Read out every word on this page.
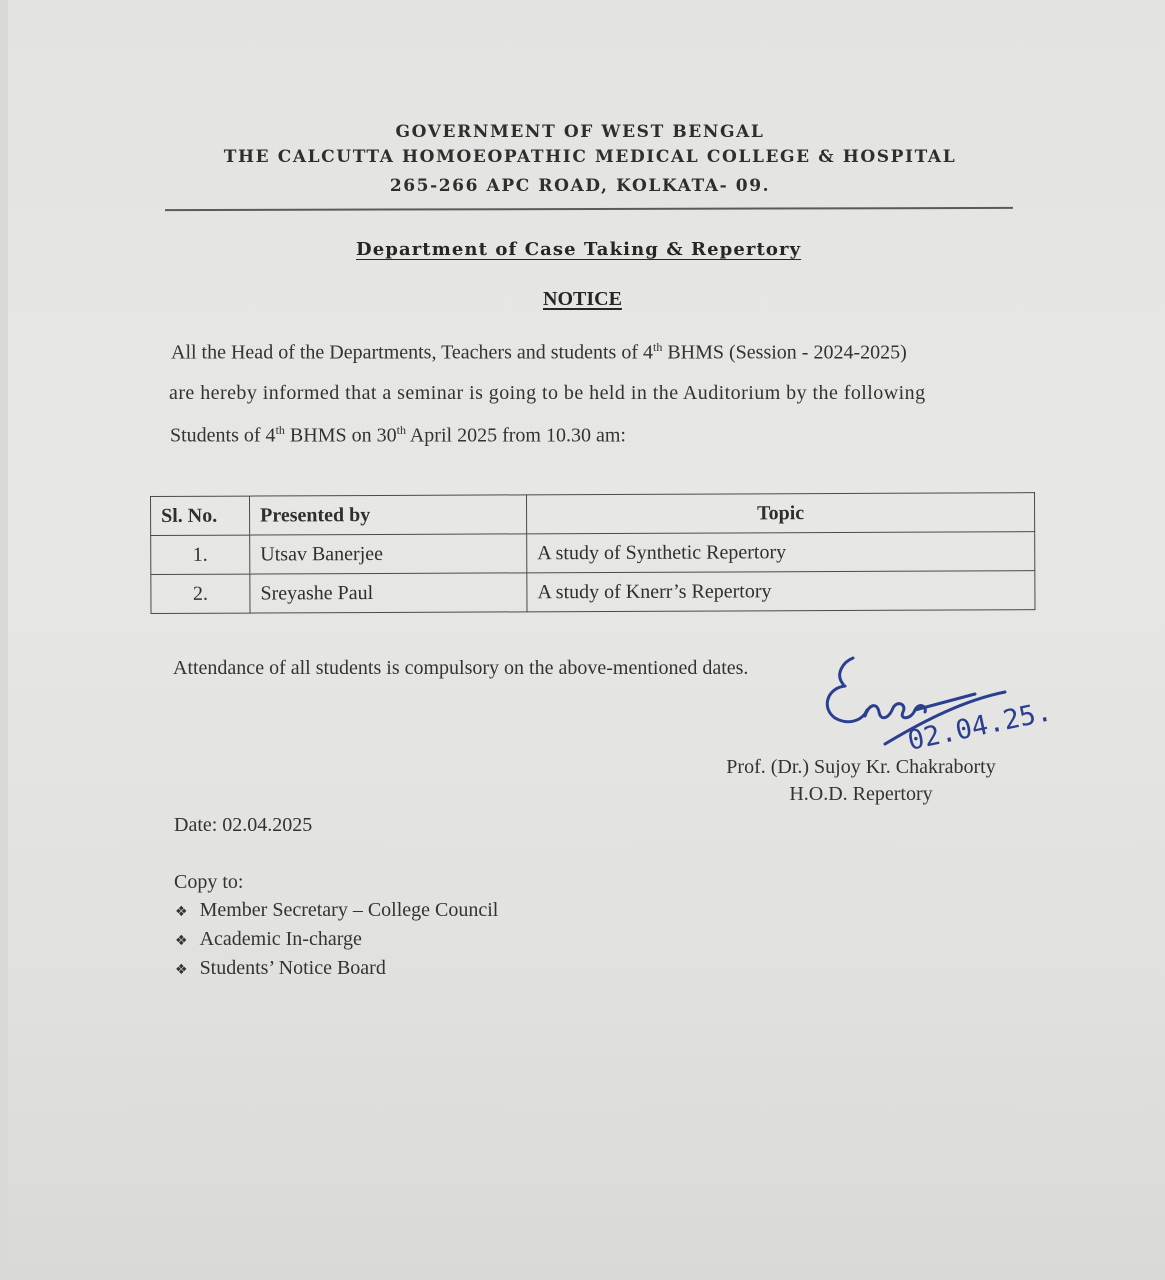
GOVERNMENT OF WEST BENGAL
THE CALCUTTA HOMOEOPATHIC MEDICAL COLLEGE & HOSPITAL
265-266 APC ROAD, KOLKATA- 09.
Department of Case Taking & Repertory
NOTICE
All the Head of the Departments, Teachers and students of 4th BHMS (Session - 2024-2025)
are hereby informed that a seminar is going to be held in the Auditorium by the following
Students of 4th BHMS on 30th April 2025 from 10.30 am:
Sl. No.	Presented by	Topic
1.	Utsav Banerjee	A study of Synthetic Repertory
2.	Sreyashe Paul	A study of Knerr’s Repertory
Attendance of all students is compulsory on the above-mentioned dates.
02.04.25.
Prof. (Dr.) Sujoy Kr. Chakraborty
H.O.D. Repertory
Date: 02.04.2025
Copy to:
❖ Member Secretary – College Council
❖ Academic In-charge
❖ Students’ Notice Board
